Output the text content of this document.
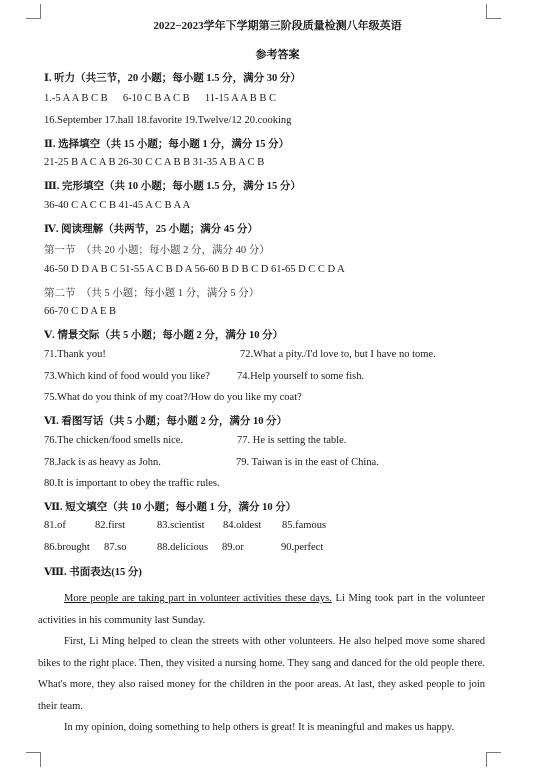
2022−2023学年下学期第三阶段质量检测八年级英语
参考答案
Ⅰ. 听力（共三节，20 小题；每小题 1.5 分，满分 30 分）
1.-5 A A B C B 6-10 C B A C B 11-15 A A B B C
16.September 17.hall 18.favorite 19.Twelve/12 20.cooking
Ⅱ. 选择填空（共 15 小题；每小题 1 分，满分 15 分）
21-25 B A C A B 26-30 C C A B B 31-35 A B A C B
Ⅲ. 完形填空（共 10 小题；每小题 1.5 分，满分 15 分）
36-40 C A C C B 41-45 A C B A A
Ⅳ. 阅读理解（共两节，25 小题；满分 45 分）
第一节　（共 20 小题；每小题 2 分，满分 40 分）
46-50 D D A B C 51-55 A C B D A 56-60 B D B C D 61-65 D C C D A
第二节　（共 5 小题；每小题 1 分，满分 5 分）
66-70 C D A E B
Ⅴ. 情景交际（共 5 小题；每小题 2 分，满分 10 分）
71.Thank you!	72.What a pity./I'd love to, but I have no tome.
73.Which kind of food would you like?	74.Help yourself to some fish.
75.What do you think of my coat?/How do you like my coat?
Ⅵ. 看图写话（共 5 小题；每小题 2 分，满分 10 分）
76.The chicken/food smells nice.	77. He is setting the table.
78.Jack is as heavy as John.	79. Taiwan is in the east of China.
80.It is important to obey the traffic rules.
Ⅶ. 短文填空（共 10 小题；每小题 1 分，满分 10 分）
81.of	82.first	83.scientist 84.oldest 85.famous
86.brought 87.so	88.delicious 89.or	90.perfect
Ⅷ. 书面表达(15 分)
More people are taking part in volunteer activities these days. Li Ming took part in the volunteer activities in his community last Sunday.
First, Li Ming helped to clean the streets with other volunteers. He also helped move some shared bikes to the right place. Then, they visited a nursing home. They sang and danced for the old people there. What's more, they also raised money for the children in the poor areas. At last, they asked people to join their team.
In my opinion, doing something to help others is great! It is meaningful and makes us happy.
